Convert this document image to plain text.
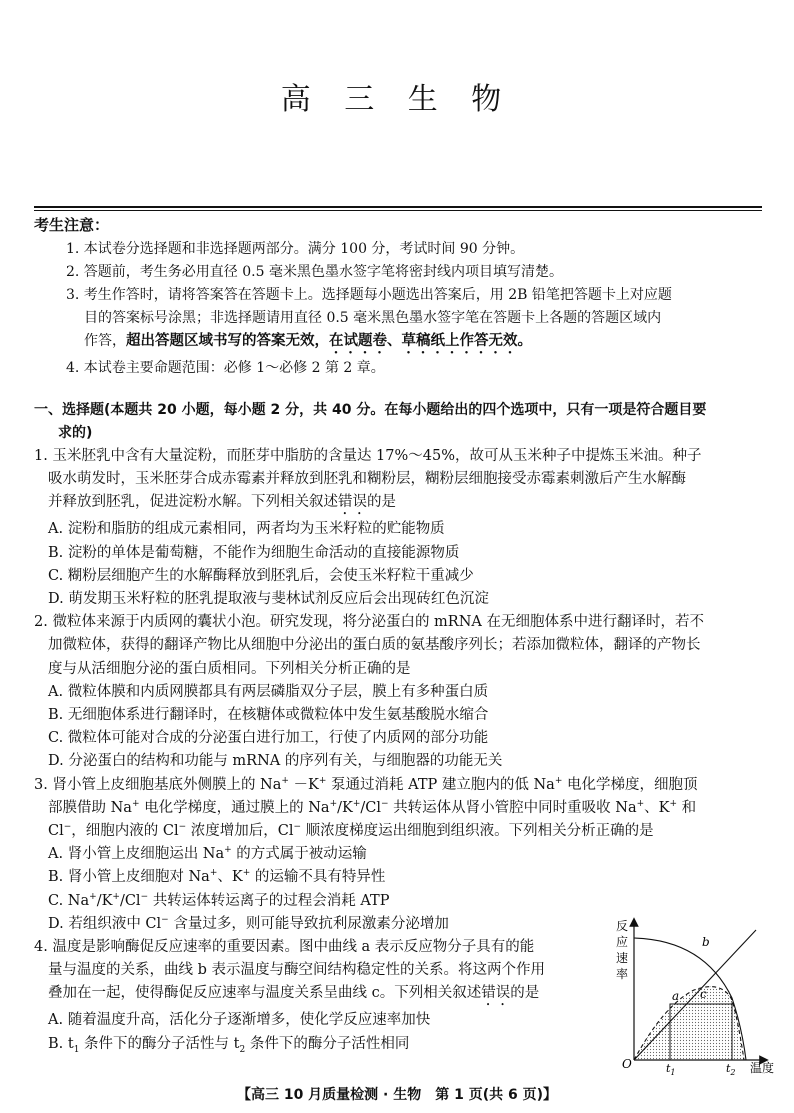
高 三 生 物
考生注意：

1. 本试卷分选择题和非选择题两部分。满分 100 分，考试时间 90 分钟。

2. 答题前，考生务必用直径 0.5 毫米黑色墨水签字笔将密封线内项目填写清楚。

3. 考生作答时，请将答案答在答题卡上。选择题每小题选出答案后，用 2B 铅笔把答题卡上对应题

目的答案标号涂黑；非选择题请用直径 0.5 毫米黑色墨水签字笔在答题卡上各题的答题区域内

作答，超出答题区域书写的答案无效，在试题卷、草稿纸上作答无效。

4. 本试卷主要命题范围：必修 1～必修 2 第 2 章。

一、选择题(本题共 20 小题，每小题 2 分，共 40 分。在每小题给出的四个选项中，只有一项是符合题目要
求的)

1. 玉米胚乳中含有大量淀粉，而胚芽中脂肪的含量达 17%～45%，故可从玉米种子中提炼玉米油。种子

吸水萌发时，玉米胚芽合成赤霉素并释放到胚乳和糊粉层，糊粉层细胞接受赤霉素刺激后产生水解酶

并释放到胚乳，促进淀粉水解。下列相关叙述错误的是

A. 淀粉和脂肪的组成元素相同，两者均为玉米籽粒的贮能物质

B. 淀粉的单体是葡萄糖，不能作为细胞生命活动的直接能源物质

C. 糊粉层细胞产生的水解酶释放到胚乳后，会使玉米籽粒干重减少

D. 萌发期玉米籽粒的胚乳提取液与斐林试剂反应后会出现砖红色沉淀

2. 微粒体来源于内质网的囊状小泡。研究发现，将分泌蛋白的 mRNA 在无细胞体系中进行翻译时，若不

加微粒体，获得的翻译产物比从细胞中分泌出的蛋白质的氨基酸序列长；若添加微粒体，翻译的产物长

度与从活细胞分泌的蛋白质相同。下列相关分析正确的是

A. 微粒体膜和内质网膜都具有两层磷脂双分子层，膜上有多种蛋白质

B. 无细胞体系进行翻译时，在核糖体或微粒体中发生氨基酸脱水缩合

C. 微粒体可能对合成的分泌蛋白进行加工，行使了内质网的部分功能

D. 分泌蛋白的结构和功能与 mRNA 的序列有关，与细胞器的功能无关

3. 肾小管上皮细胞基底外侧膜上的 Na+ －K+ 泵通过消耗 ATP 建立胞内的低 Na+ 电化学梯度，细胞顶

部膜借助 Na+ 电化学梯度，通过膜上的 Na+/K+/Cl− 共转运体从肾小管腔中同时重吸收 Na+、K+ 和

Cl−，细胞内液的 Cl− 浓度增加后，Cl− 顺浓度梯度运出细胞到组织液。下列相关分析正确的是

A. 肾小管上皮细胞运出 Na+ 的方式属于被动运输

B. 肾小管上皮细胞对 Na+、K+ 的运输不具有特异性

C. Na+/K+/Cl− 共转运体转运离子的过程会消耗 ATP

D. 若组织液中 Cl− 含量过多，则可能导致抗利尿激素分泌增加

4. 温度是影响酶促反应速率的重要因素。图中曲线 a 表示反应物分子具有的能

量与温度的关系，曲线 b 表示温度与酶空间结构稳定性的关系。将这两个作用

叠加在一起，使得酶促反应速率与温度关系呈曲线 c。下列相关叙述错误的是

A. 随着温度升高，活化分子逐渐增多，使化学反应速率加快

B. $t_1$ 条件下的酶分子活性与 $t_2$ 条件下的酶分子活性相同

反
应
速
率
温度
O
b
a c
$t_1$	$t_2$
【高三 10 月质量检测 · 生物　第 1 页(共 6 页)】
